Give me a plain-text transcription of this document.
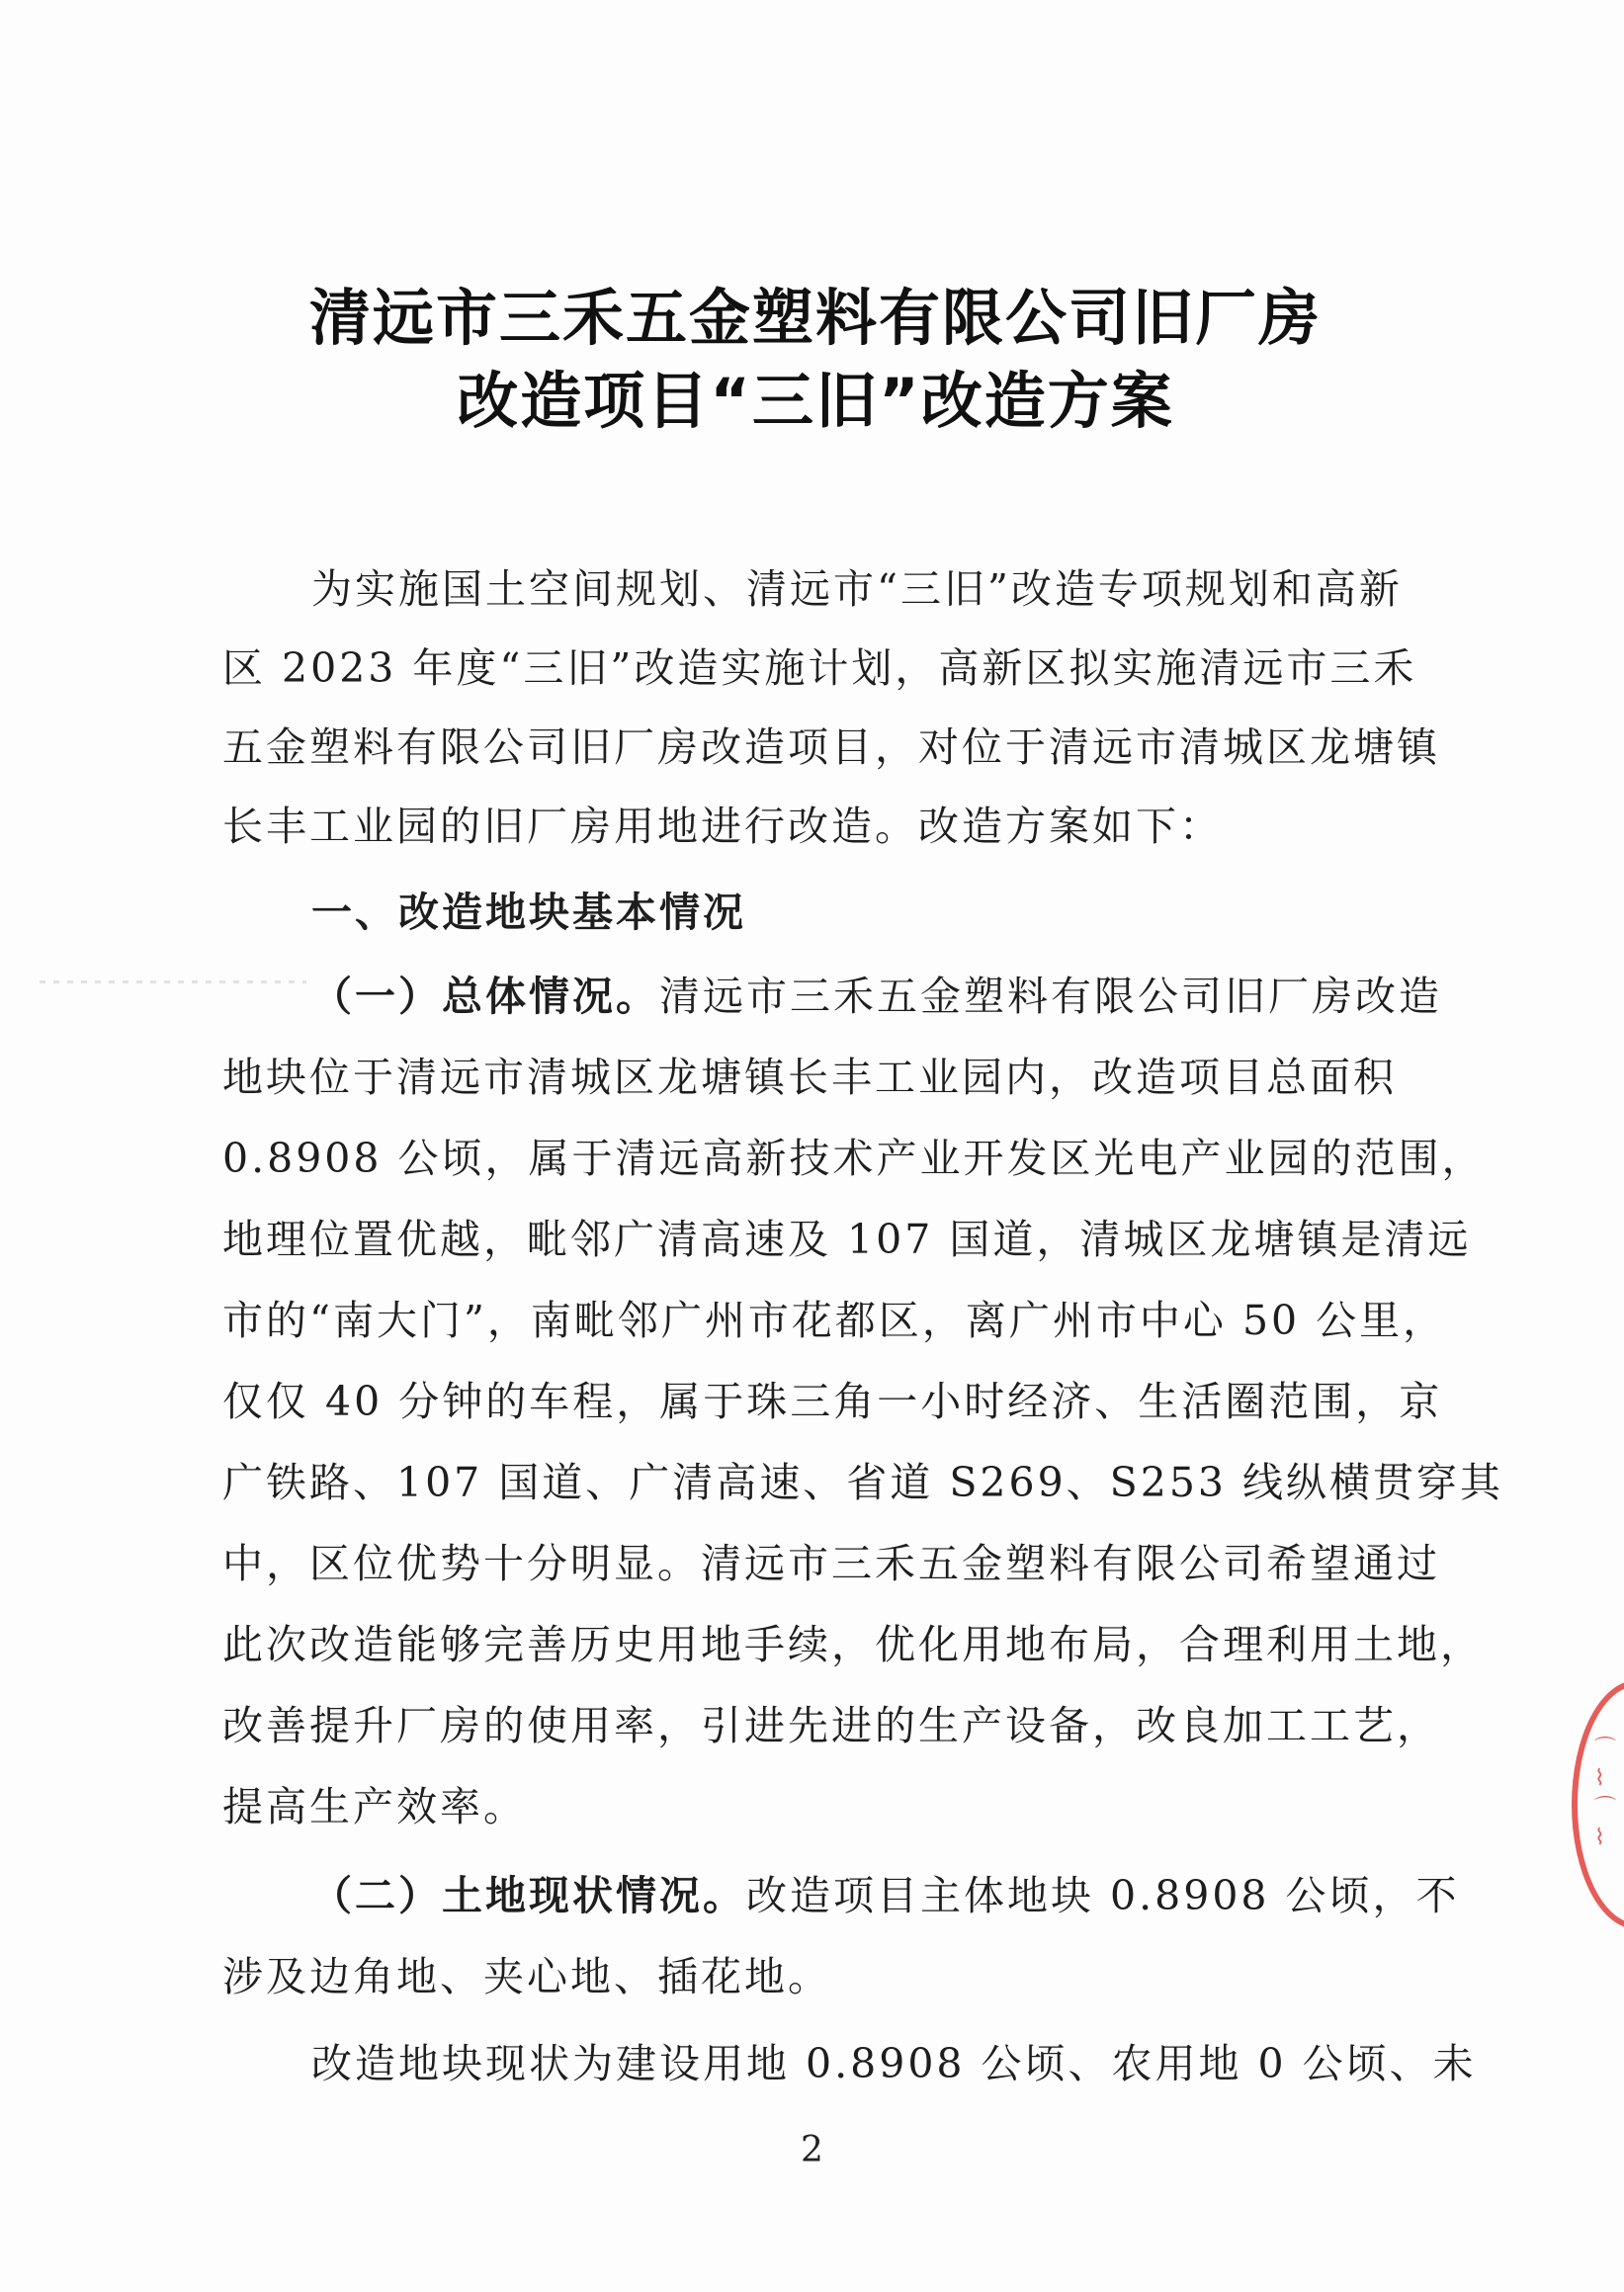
清远市三禾五金塑料有限公司旧厂房
改造项目“三旧”改造方案
为实施国土空间规划、清远市“三旧”改造专项规划和高新
区 2023 年度“三旧”改造实施计划，高新区拟实施清远市三禾
五金塑料有限公司旧厂房改造项目，对位于清远市清城区龙塘镇
长丰工业园的旧厂房用地进行改造。改造方案如下：
一、改造地块基本情况
（一）总体情况。清远市三禾五金塑料有限公司旧厂房改造
地块位于清远市清城区龙塘镇长丰工业园内，改造项目总面积
0.8908 公顷，属于清远高新技术产业开发区光电产业园的范围，
地理位置优越，毗邻广清高速及 107 国道，清城区龙塘镇是清远
市的“南大门”，南毗邻广州市花都区，离广州市中心 50 公里，
仅仅 40 分钟的车程，属于珠三角一小时经济、生活圈范围，京
广铁路、107 国道、广清高速、省道 S269、S253 线纵横贯穿其
中，区位优势十分明显。清远市三禾五金塑料有限公司希望通过
此次改造能够完善历史用地手续，优化用地布局，合理利用土地，
改善提升厂房的使用率，引进先进的生产设备，改良加工工艺，
提高生产效率。
（二）土地现状情况。改造项目主体地块 0.8908 公顷，不
涉及边角地、夹心地、插花地。
改造地块现状为建设用地 0.8908 公顷、农用地 0 公顷、未
2
⌒
⌇
⌒
⌇
